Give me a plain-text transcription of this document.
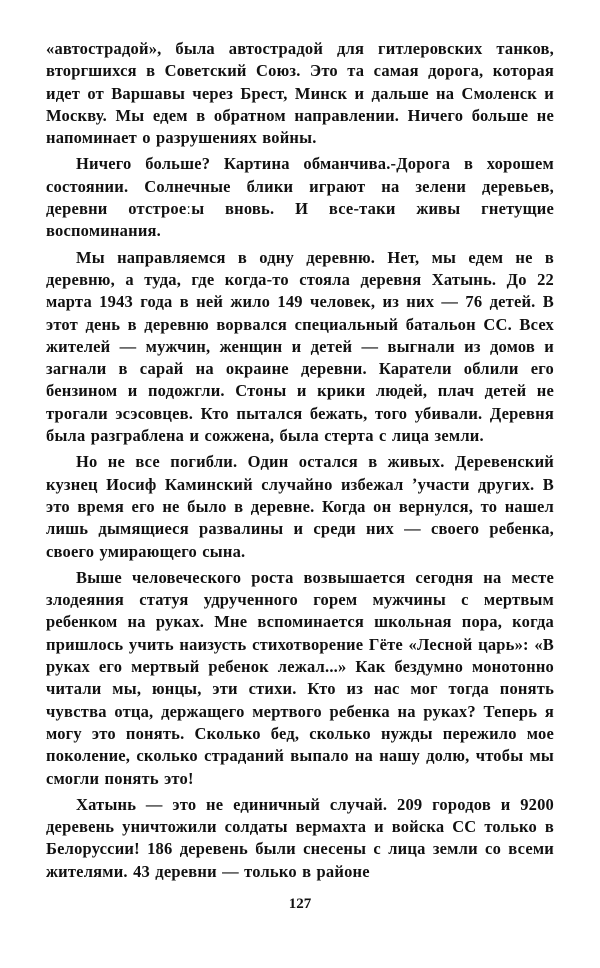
«автострадой», была автострадой для гитлеровских танков, вторгшихся в Советский Союз. Это та самая дорога, которая идет от Варшавы через Брест, Минск и дальше на Смоленск и Москву. Мы едем в обратном направлении. Ничего больше не напоминает о разрушениях войны.

Ничего больше? Картина обманчива.‑Дорога в хорошем состоянии. Солнечные блики играют на зелени деревьев, деревни отстроеːы вновь. И все-таки живы гнетущие воспоминания.

Мы направляемся в одну деревню. Нет, мы едем не в деревню, а туда, где когда-то стояла деревня Хатынь. До 22 марта 1943 года в ней жило 149 человек, из них — 76 детей. В этот день в деревню ворвался специальный батальон СС. Всех жителей — мужчин, женщин и детей — выгнали из домов и загнали в сарай на окраине деревни. Каратели облили его бензином и подожгли. Стоны и крики людей, плач детей не трогали эсэсовцев. Кто пытался бежать, того убивали. Деревня была разграблена и сожжена, была стерта с лица земли.

Но не все погибли. Один остался в живых. Деревенский кузнец Иосиф Каминский случайно избежал ʼучасти других. В это время его не было в деревне. Когда он вернулся, то нашел лишь дымящиеся развалины и среди них — своего ребенка, своего умирающего сына.

Выше человеческого роста возвышается сегодня на месте злодеяния статуя удрученного горем мужчины с мертвым ребенком на руках. Мне вспоминается школьная пора, когда пришлось учить наизусть стихотворение Гёте «Лесной царь»: «В руках его мертвый ребенок лежал...» Как бездумно монотонно читали мы, юнцы, эти стихи. Кто из нас мог тогда понять чувства отца, держащего мертвого ребенка на руках? Теперь я могу это понять. Сколько бед, сколько нужды пережило мое поколение, сколько страданий выпало на нашу долю, чтобы мы смогли понять это!

Хатынь — это не единичный случай. 209 городов и 9200 деревень уничтожили солдаты вермахта и войска СС только в Белоруссии! 186 деревень были снесены с лица земли со всеми жителями. 43 деревни — только в районе

127
